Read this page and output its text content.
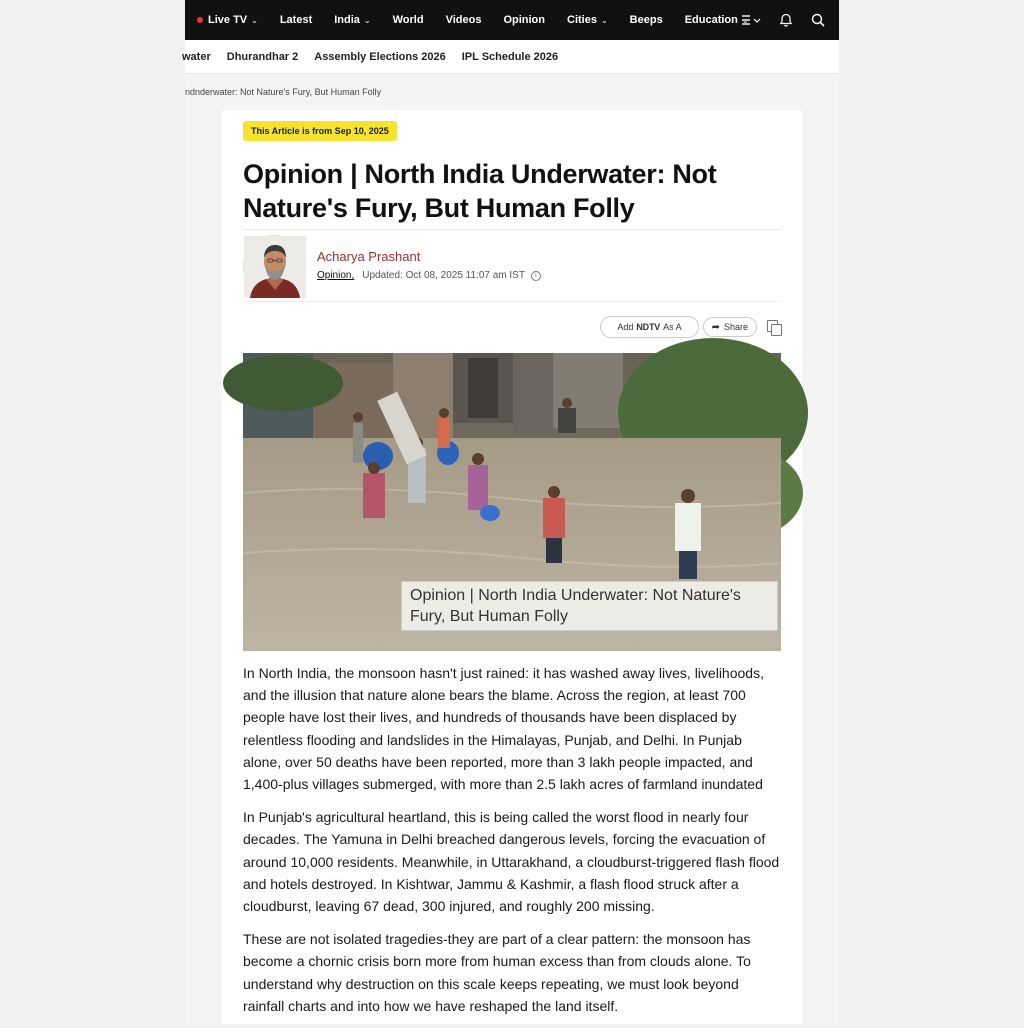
Live TV ⌄ Latest India ⌄ World Videos Opinion Cities ⌄ Beeps Education ⌄
water Dhurandhar 2 Assembly Elections 2026 IPL Schedule 2026
ndnderwater: Not Nature's Fury, But Human Folly
This Article is from Sep 10, 2025
Opinion | North India Underwater: Not Nature's Fury, But Human Folly
Acharya Prashant
Opinion, Updated: Oct 08, 2025 11:07 am IST	i
Add NDTV As A	➦ Share
Opinion | North India Underwater: Not Nature's Fury, But Human Folly

In North India, the monsoon hasn't just rained: it has washed away lives, livelihoods, and the illusion that nature alone bears the blame. Across the region, at least 700 people have lost their lives, and hundreds of thousands have been displaced by relentless flooding and landslides in the Himalayas, Punjab, and Delhi. In Punjab alone, over 50 deaths have been reported, more than 3 lakh people impacted, and 1,400-plus villages submerged, with more than 2.5 lakh acres of farmland inundated

In Punjab's agricultural heartland, this is being called the worst flood in nearly four decades. The Yamuna in Delhi breached dangerous levels, forcing the evacuation of around 10,000 residents. Meanwhile, in Uttarakhand, a cloudburst-triggered flash flood and hotels destroyed. In Kishtwar, Jammu & Kashmir, a flash flood struck after a cloudburst, leaving 67 dead, 300 injured, and roughly 200 missing.

These are not isolated tragedies-they are part of a clear pattern: the monsoon has become a chornic crisis born more from human excess than from clouds alone. To understand why destruction on this scale keeps repeating, we must look beyond rainfall charts and into how we have reshaped the land itself.
